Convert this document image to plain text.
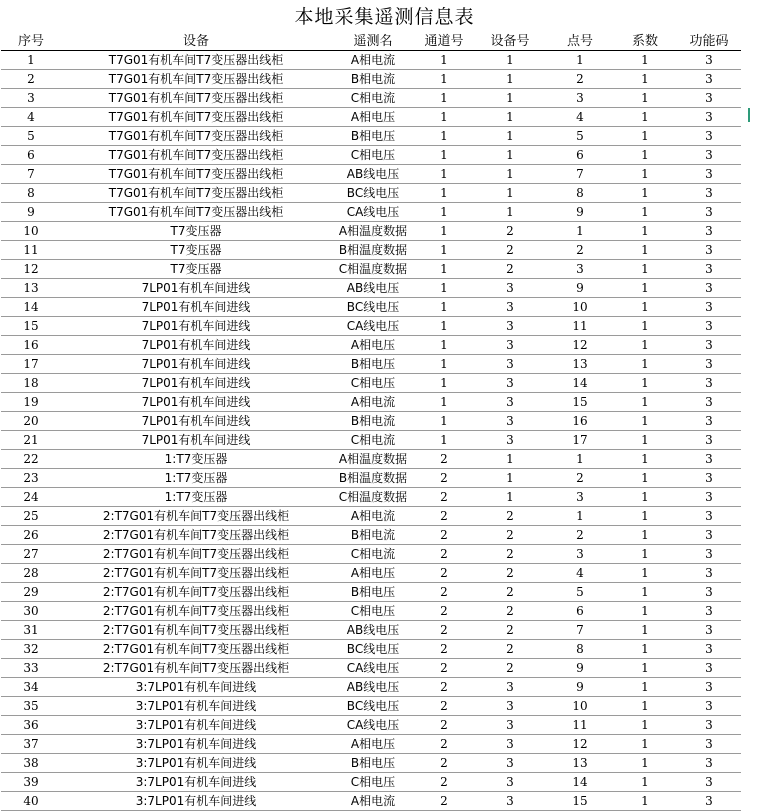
本地采集遥测信息表
序号	设备	遥测名	通道号	设备号	点号	系数	功能码
1	T7G01有机车间T7变压器出线柜	A相电流	1	1	1	1	3
2	T7G01有机车间T7变压器出线柜	B相电流	1	1	2	1	3
3	T7G01有机车间T7变压器出线柜	C相电流	1	1	3	1	3
4	T7G01有机车间T7变压器出线柜	A相电压	1	1	4	1	3
5	T7G01有机车间T7变压器出线柜	B相电压	1	1	5	1	3
6	T7G01有机车间T7变压器出线柜	C相电压	1	1	6	1	3
7	T7G01有机车间T7变压器出线柜	AB线电压	1	1	7	1	3
8	T7G01有机车间T7变压器出线柜	BC线电压	1	1	8	1	3
9	T7G01有机车间T7变压器出线柜	CA线电压	1	1	9	1	3
10	T7变压器	A相温度数据	1	2	1	1	3
11	T7变压器	B相温度数据	1	2	2	1	3
12	T7变压器	C相温度数据	1	2	3	1	3
13	7LP01有机车间进线	AB线电压	1	3	9	1	3
14	7LP01有机车间进线	BC线电压	1	3	10	1	3
15	7LP01有机车间进线	CA线电压	1	3	11	1	3
16	7LP01有机车间进线	A相电压	1	3	12	1	3
17	7LP01有机车间进线	B相电压	1	3	13	1	3
18	7LP01有机车间进线	C相电压	1	3	14	1	3
19	7LP01有机车间进线	A相电流	1	3	15	1	3
20	7LP01有机车间进线	B相电流	1	3	16	1	3
21	7LP01有机车间进线	C相电流	1	3	17	1	3
22	1:T7变压器	A相温度数据	2	1	1	1	3
23	1:T7变压器	B相温度数据	2	1	2	1	3
24	1:T7变压器	C相温度数据	2	1	3	1	3
25	2:T7G01有机车间T7变压器出线柜	A相电流	2	2	1	1	3
26	2:T7G01有机车间T7变压器出线柜	B相电流	2	2	2	1	3
27	2:T7G01有机车间T7变压器出线柜	C相电流	2	2	3	1	3
28	2:T7G01有机车间T7变压器出线柜	A相电压	2	2	4	1	3
29	2:T7G01有机车间T7变压器出线柜	B相电压	2	2	5	1	3
30	2:T7G01有机车间T7变压器出线柜	C相电压	2	2	6	1	3
31	2:T7G01有机车间T7变压器出线柜	AB线电压	2	2	7	1	3
32	2:T7G01有机车间T7变压器出线柜	BC线电压	2	2	8	1	3
33	2:T7G01有机车间T7变压器出线柜	CA线电压	2	2	9	1	3
34	3:7LP01有机车间进线	AB线电压	2	3	9	1	3
35	3:7LP01有机车间进线	BC线电压	2	3	10	1	3
36	3:7LP01有机车间进线	CA线电压	2	3	11	1	3
37	3:7LP01有机车间进线	A相电压	2	3	12	1	3
38	3:7LP01有机车间进线	B相电压	2	3	13	1	3
39	3:7LP01有机车间进线	C相电压	2	3	14	1	3
40	3:7LP01有机车间进线	A相电流	2	3	15	1	3
